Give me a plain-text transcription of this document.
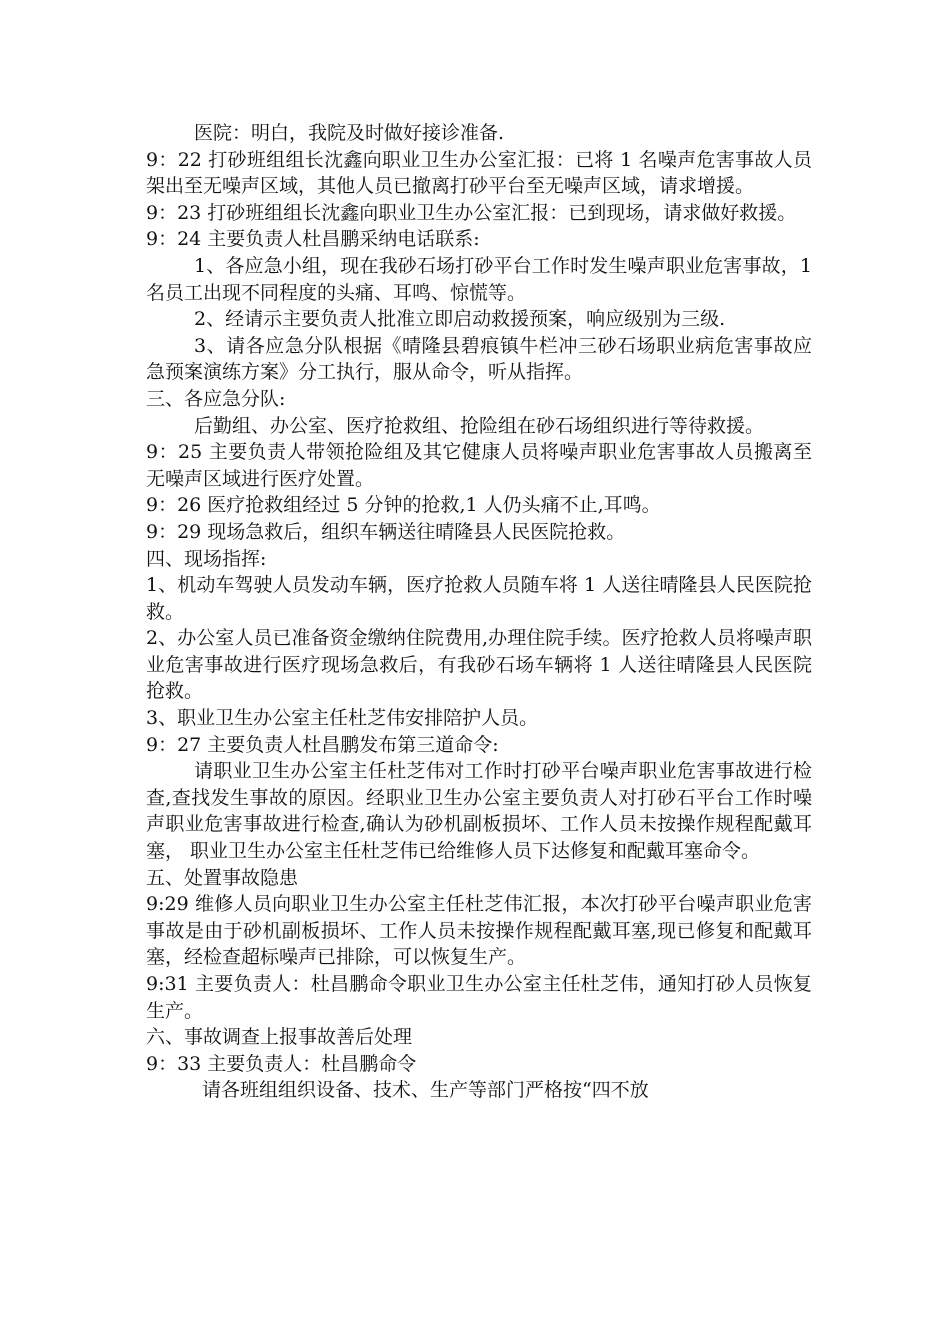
医院：明白，我院及时做好接诊准备.

9：22 打砂班组组长沈鑫向职业卫生办公室汇报：已将 1 名噪声危害事故人员架出至无噪声区域，其他人员已撤离打砂平台至无噪声区域，请求增援。

9：23 打砂班组组长沈鑫向职业卫生办公室汇报：已到现场，请求做好救援。

9：24 主要负责人杜昌鹏采纳电话联系:

1、各应急小组，现在我砂石场打砂平台工作时发生噪声职业危害事故，1 名员工出现不同程度的头痛、耳鸣、惊慌等。

2、经请示主要负责人批准立即启动救援预案，响应级别为三级.

3、请各应急分队根据《晴隆县碧痕镇牛栏冲三砂石场职业病危害事故应急预案演练方案》分工执行，服从命令，听从指挥。

三、各应急分队:

后勤组、办公室、医疗抢救组、抢险组在砂石场组织进行等待救援。

9：25 主要负责人带领抢险组及其它健康人员将噪声职业危害事故人员搬离至无噪声区域进行医疗处置。

9：26 医疗抢救组经过 5 分钟的抢救,1 人仍头痛不止,耳鸣。

9：29 现场急救后，组织车辆送往晴隆县人民医院抢救。

四、现场指挥:

1、机动车驾驶人员发动车辆，医疗抢救人员随车将 1 人送往晴隆县人民医院抢救。

2、办公室人员已准备资金缴纳住院费用,办理住院手续。医疗抢救人员将噪声职业危害事故进行医疗现场急救后，有我砂石场车辆将 1 人送往晴隆县人民医院抢救。

3、职业卫生办公室主任杜芝伟安排陪护人员。

9：27 主要负责人杜昌鹏发布第三道命令:

请职业卫生办公室主任杜芝伟对工作时打砂平台噪声职业危害事故进行检查,查找发生事故的原因。经职业卫生办公室主要负责人对打砂石平台工作时噪声职业危害事故进行检查,确认为砂机副板损坏、工作人员未按操作规程配戴耳塞， 职业卫生办公室主任杜芝伟已给维修人员下达修复和配戴耳塞命令。

五、处置事故隐患

9:29 维修人员向职业卫生办公室主任杜芝伟汇报，本次打砂平台噪声职业危害事故是由于砂机副板损坏、工作人员未按操作规程配戴耳塞,现已修复和配戴耳塞，经检查超标噪声已排除，可以恢复生产。

9:31 主要负责人：杜昌鹏命令职业卫生办公室主任杜芝伟，通知打砂人员恢复生产。

六、事故调查上报事故善后处理

9：33 主要负责人：杜昌鹏命令

请各班组组织设备、技术、生产等部门严格按“四不放
